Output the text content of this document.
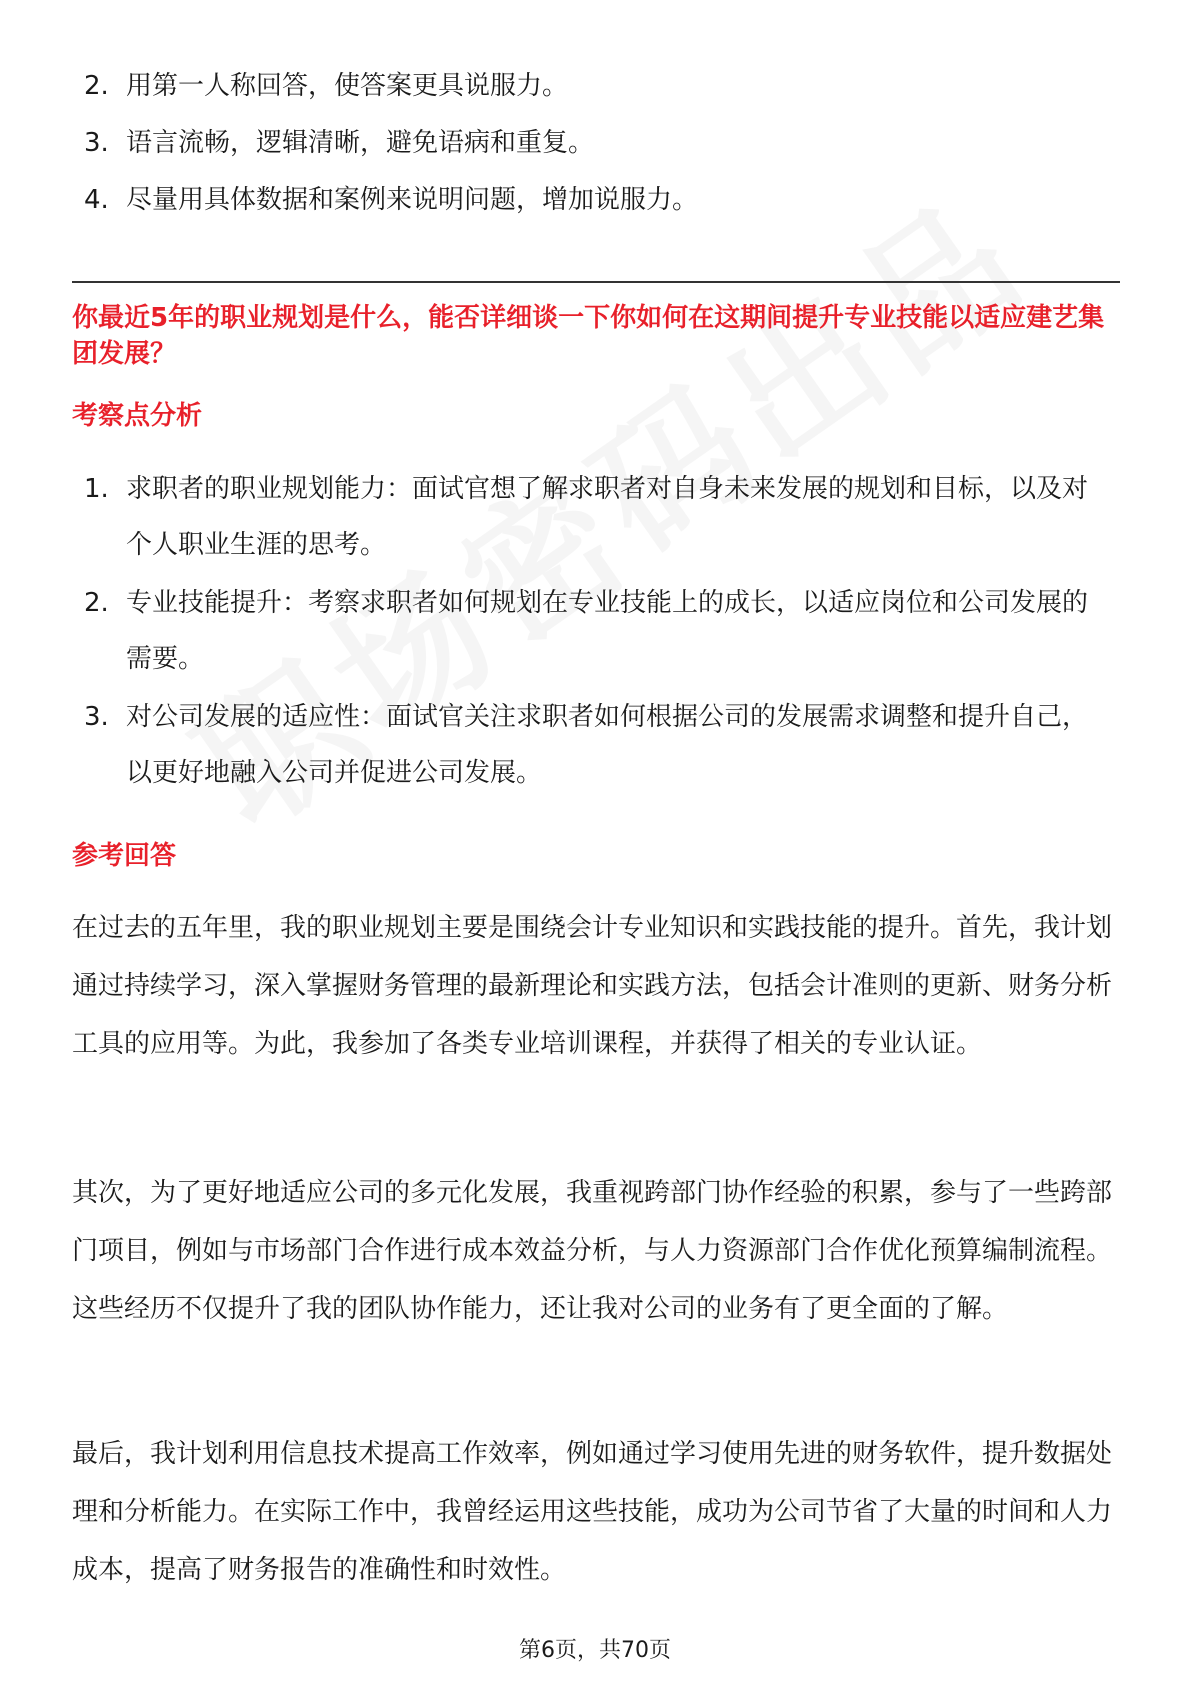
2. 用第一人称回答，使答案更具说服力。
3. 语言流畅，逻辑清晰，避免语病和重复。
4. 尽量用具体数据和案例来说明问题，增加说服力。
你最近5年的职业规划是什么，能否详细谈一下你如何在这期间提升专业技能以适应建艺集团发展？
考察点分析
1. 求职者的职业规划能力：面试官想了解求职者对自身未来发展的规划和目标，以及对个人职业生涯的思考。
2. 专业技能提升：考察求职者如何规划在专业技能上的成长，以适应岗位和公司发展的需要。
3. 对公司发展的适应性：面试官关注求职者如何根据公司的发展需求调整和提升自己，以更好地融入公司并促进公司发展。
参考回答

在过去的五年里，我的职业规划主要是围绕会计专业知识和实践技能的提升。首先，我计划通过持续学习，深入掌握财务管理的最新理论和实践方法，包括会计准则的更新、财务分析工具的应用等。为此，我参加了各类专业培训课程，并获得了相关的专业认证。

其次，为了更好地适应公司的多元化发展，我重视跨部门协作经验的积累，参与了一些跨部门项目，例如与市场部门合作进行成本效益分析，与人力资源部门合作优化预算编制流程。这些经历不仅提升了我的团队协作能力，还让我对公司的业务有了更全面的了解。

最后，我计划利用信息技术提高工作效率，例如通过学习使用先进的财务软件，提升数据处理和分析能力。在实际工作中，我曾经运用这些技能，成功为公司节省了大量的时间和人力成本，提高了财务报告的准确性和时效性。

第6页，共70页
